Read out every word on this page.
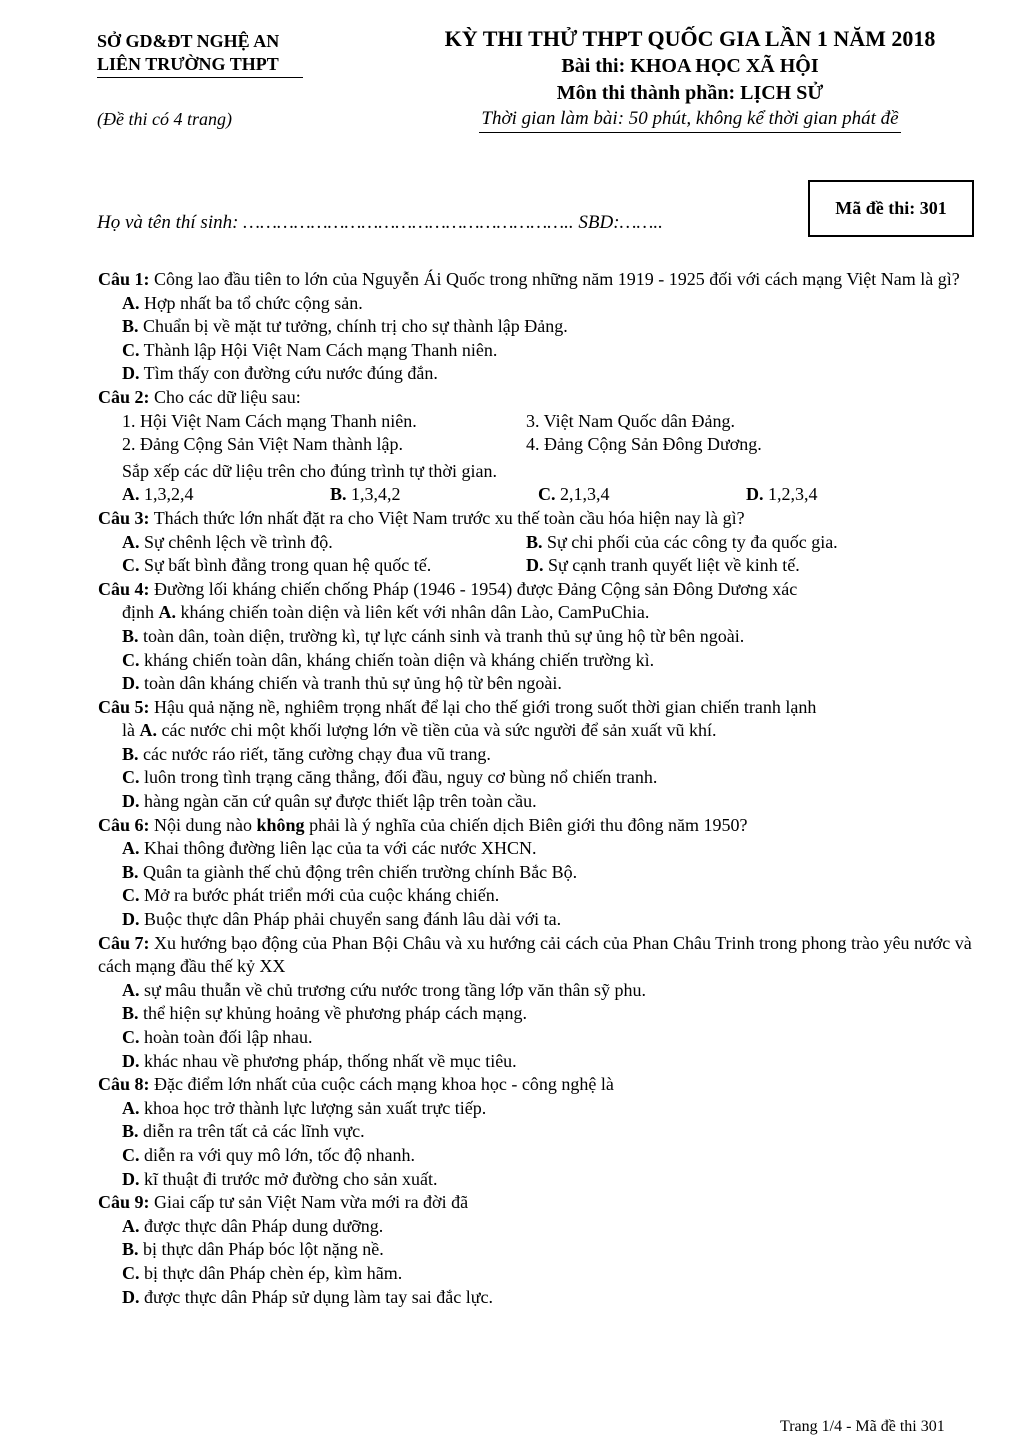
SỞ GD&ĐT NGHỆ AN
LIÊN TRƯỜNG THPT
(Đề thi có 4 trang)
KỲ THI THỬ THPT QUỐC GIA LẦN 1 NĂM 2018
Bài thi: KHOA HỌC XÃ HỘI
Môn thi thành phần: LỊCH SỬ
Thời gian làm bài: 50 phút, không kể thời gian phát đề
Mã đề thi: 301
Họ và tên thí sinh: ………………………………………………….. SBD:……..
Câu 1: Công lao đầu tiên to lớn của Nguyễn Ái Quốc trong những năm 1919 - 1925 đối với cách mạng Việt Nam là gì?
A. Hợp nhất ba tổ chức cộng sản.
B. Chuẩn bị về mặt tư tưởng, chính trị cho sự thành lập Đảng.
C. Thành lập Hội Việt Nam Cách mạng Thanh niên.
D. Tìm thấy con đường cứu nước đúng đắn.
Câu 2: Cho các dữ liệu sau:
1. Hội Việt Nam Cách mạng Thanh niên.	3. Việt Nam Quốc dân Đảng.
2. Đảng Cộng Sản Việt Nam thành lập.	4. Đảng Cộng Sản Đông Dương.
Sắp xếp các dữ liệu trên cho đúng trình tự thời gian.
A. 1,3,2,4	B. 1,3,4,2	C. 2,1,3,4	D. 1,2,3,4
Câu 3: Thách thức lớn nhất đặt ra cho Việt Nam trước xu thế toàn cầu hóa hiện nay là gì?
A. Sự chênh lệch về trình độ.	B. Sự chi phối của các công ty đa quốc gia.
C. Sự bất bình đẳng trong quan hệ quốc tế.	D. Sự cạnh tranh quyết liệt về kinh tế.
Câu 4: Đường lối kháng chiến chống Pháp (1946 - 1954) được Đảng Cộng sản Đông Dương xác
định A. kháng chiến toàn diện và liên kết với nhân dân Lào, CamPuChia.
B. toàn dân, toàn diện, trường kì, tự lực cánh sinh và tranh thủ sự ủng hộ từ bên ngoài.
C. kháng chiến toàn dân, kháng chiến toàn diện và kháng chiến trường kì.
D. toàn dân kháng chiến và tranh thủ sự ủng hộ từ bên ngoài.
Câu 5: Hậu quả nặng nề, nghiêm trọng nhất để lại cho thế giới trong suốt thời gian chiến tranh lạnh
là A. các nước chi một khối lượng lớn về tiền của và sức người để sản xuất vũ khí.
B. các nước ráo riết, tăng cường chạy đua vũ trang.
C. luôn trong tình trạng căng thẳng, đối đầu, nguy cơ bùng nổ chiến tranh.
D. hàng ngàn căn cứ quân sự được thiết lập trên toàn cầu.
Câu 6: Nội dung nào không phải là ý nghĩa của chiến dịch Biên giới thu đông năm 1950?
A. Khai thông đường liên lạc của ta với các nước XHCN.
B. Quân ta giành thế chủ động trên chiến trường chính Bắc Bộ.
C. Mở ra bước phát triển mới của cuộc kháng chiến.
D. Buộc thực dân Pháp phải chuyển sang đánh lâu dài với ta.
Câu 7: Xu hướng bạo động của Phan Bội Châu và xu hướng cải cách của Phan Châu Trinh trong phong trào yêu nước và cách mạng đầu thế kỷ XX
A. sự mâu thuẫn về chủ trương cứu nước trong tầng lớp văn thân sỹ phu.
B. thể hiện sự khủng hoảng về phương pháp cách mạng.
C. hoàn toàn đối lập nhau.
D. khác nhau về phương pháp, thống nhất về mục tiêu.
Câu 8: Đặc điểm lớn nhất của cuộc cách mạng khoa học - công nghệ là
A. khoa học trở thành lực lượng sản xuất trực tiếp.
B. diễn ra trên tất cả các lĩnh vực.
C. diễn ra với quy mô lớn, tốc độ nhanh.
D. kĩ thuật đi trước mở đường cho sản xuất.
Câu 9: Giai cấp tư sản Việt Nam vừa mới ra đời đã
A. được thực dân Pháp dung dưỡng.
B. bị thực dân Pháp bóc lột nặng nề.
C. bị thực dân Pháp chèn ép, kìm hãm.
D. được thực dân Pháp sử dụng làm tay sai đắc lực.
Trang 1/4 - Mã đề thi 301
